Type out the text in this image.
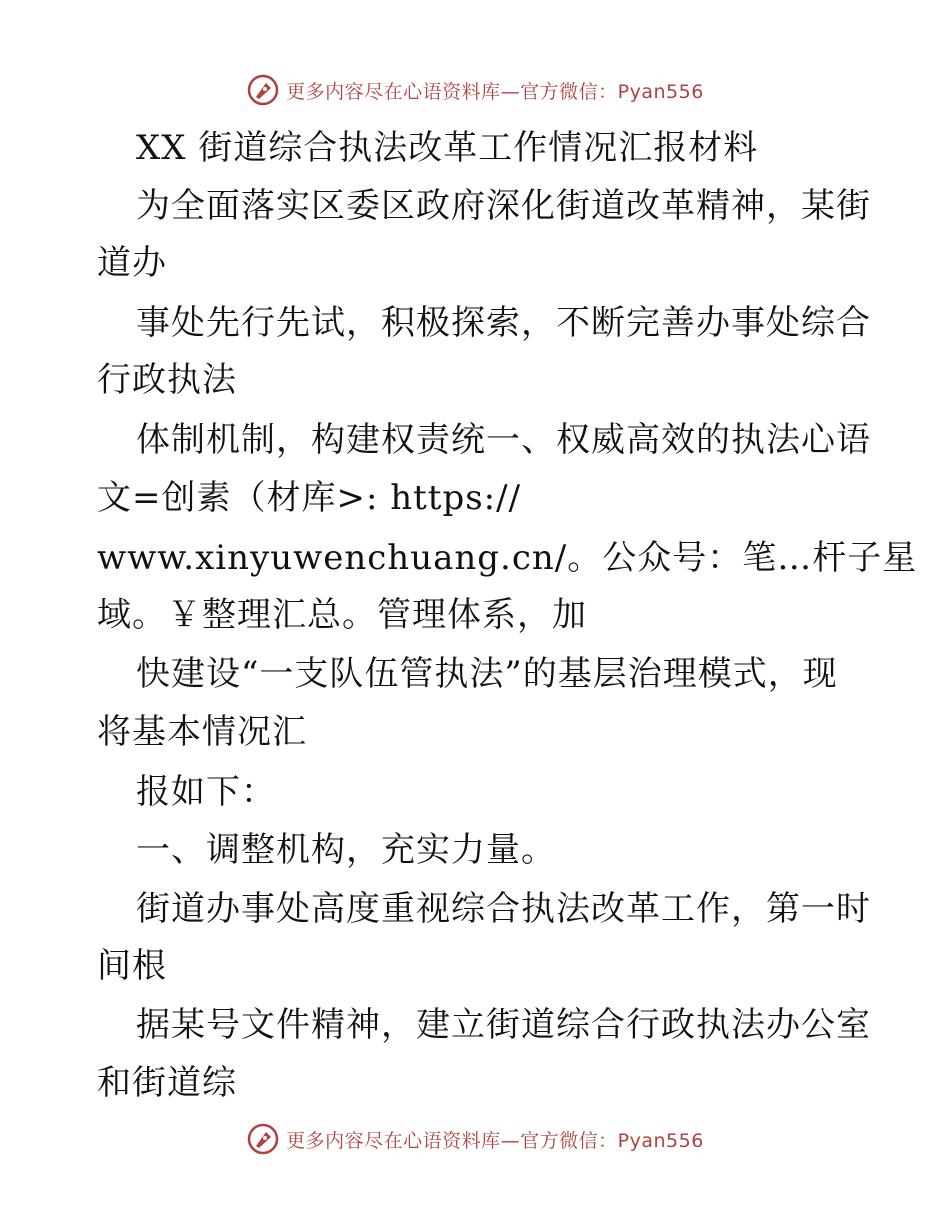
更多内容尽在心语资料库—官方微信：Pyan556
XX 街道综合执法改革工作情况汇报材料
为全面落实区委区政府深化街道改革精神，某街
道办
事处先行先试，积极探索，不断完善办事处综合
行政执法
体制机制，构建权责统一、权威高效的执法心语
文=创素（材库>: https://
www.xinyuwenchuang.cn/。公众号：笔…杆子星
域。￥整理汇总。管理体系，加
快建设“一支队伍管执法”的基层治理模式，现
将基本情况汇
报如下：
一、调整机构，充实力量。
街道办事处高度重视综合执法改革工作，第一时
间根
据某号文件精神，建立街道综合行政执法办公室
和街道综
更多内容尽在心语资料库—官方微信：Pyan556
